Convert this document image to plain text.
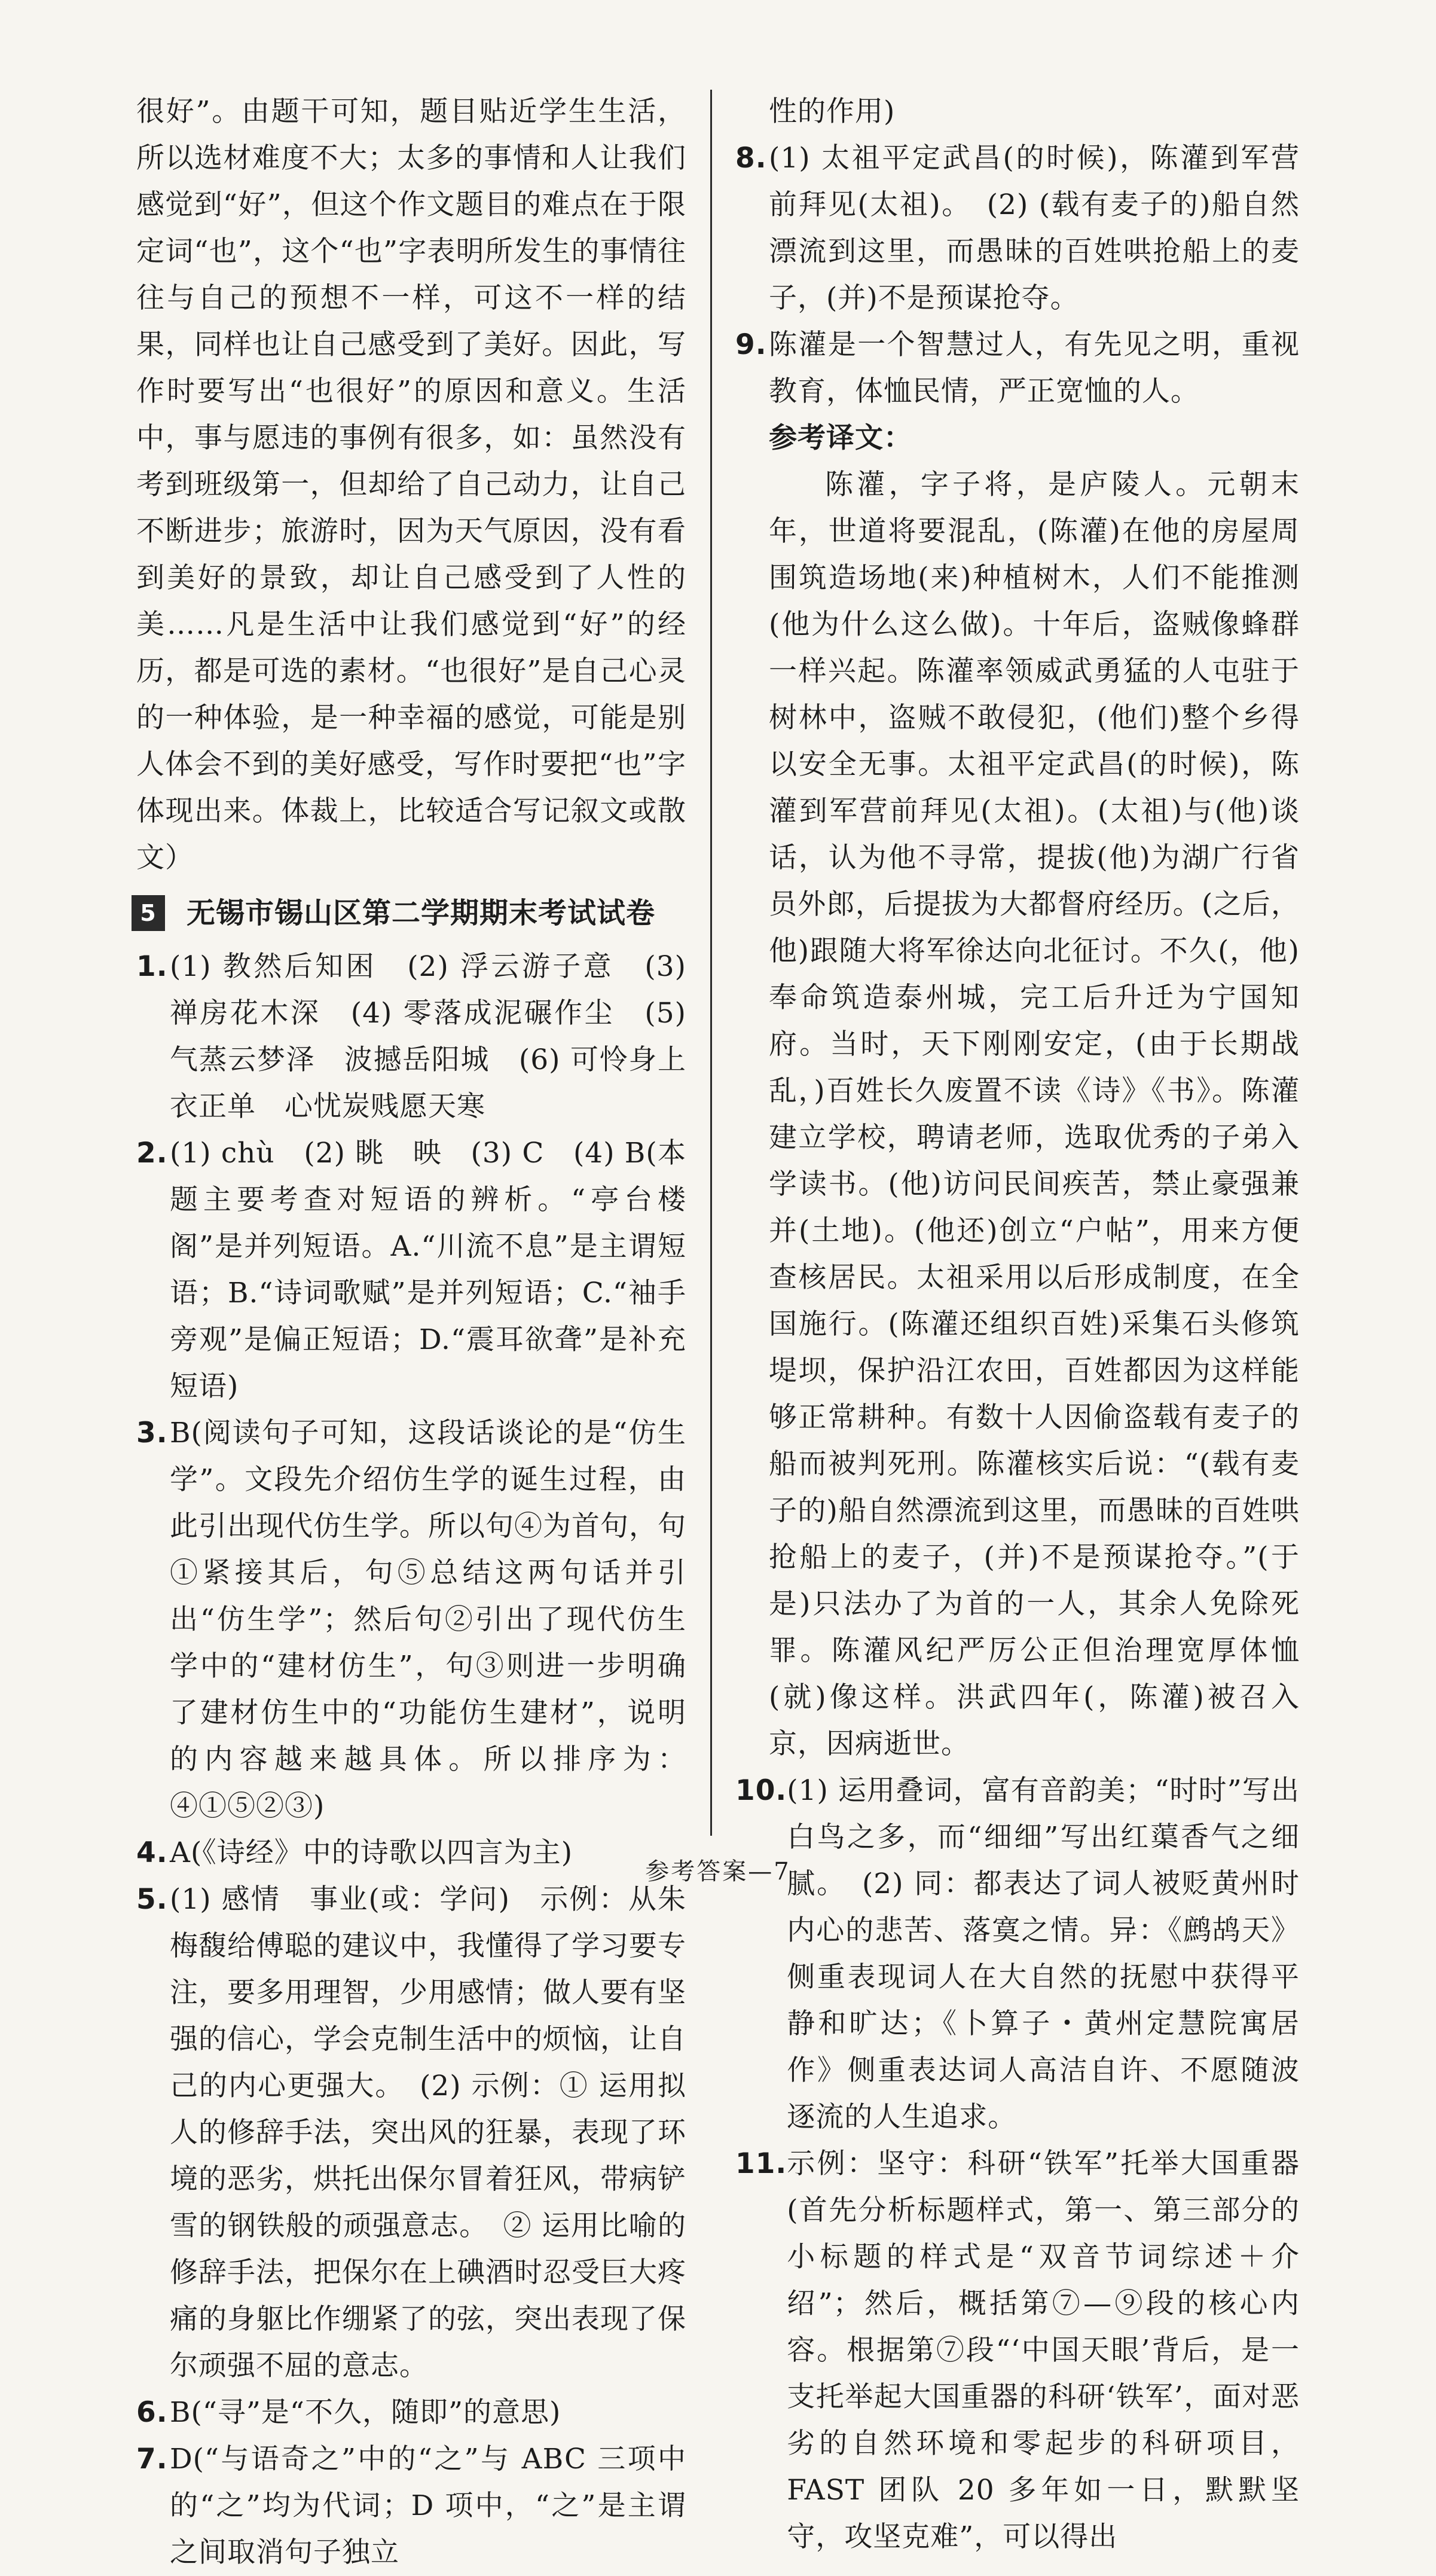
很好”。由题干可知，题目贴近学生生活，所以选材难度不大；太多的事情和人让我们感觉到“好”，但这个作文题目的难点在于限定词“也”，这个“也”字表明所发生的事情往往与自己的预想不一样，可这不一样的结果，同样也让自己感受到了美好。因此，写作时要写出“也很好”的原因和意义。生活中，事与愿违的事例有很多，如：虽然没有考到班级第一，但却给了自己动力，让自己不断进步；旅游时，因为天气原因，没有看到美好的景致，却让自己感受到了人性的美……凡是生活中让我们感觉到“好”的经历，都是可选的素材。“也很好”是自己心灵的一种体验，是一种幸福的感觉，可能是别人体会不到的美好感受，写作时要把“也”字体现出来。体裁上，比较适合写记叙文或散文）

5 无锡市锡山区第二学期期末考试试卷
1. (1) 教然后知困　(2) 浮云游子意　(3) 禅房花木深　(4) 零落成泥碾作尘　(5) 气蒸云梦泽　波撼岳阳城　(6) 可怜身上衣正单　心忧炭贱愿天寒
2. (1) chù　(2) 眺　映　(3) C　(4) B(本题主要考查对短语的辨析。“亭台楼阁”是并列短语。A.“川流不息”是主谓短语；B.“诗词歌赋”是并列短语；C.“袖手旁观”是偏正短语；D.“震耳欲聋”是补充短语)
3. B(阅读句子可知，这段话谈论的是“仿生学”。文段先介绍仿生学的诞生过程，由此引出现代仿生学。所以句④为首句，句①紧接其后，句⑤总结这两句话并引出“仿生学”；然后句②引出了现代仿生学中的“建材仿生”，句③则进一步明确了建材仿生中的“功能仿生建材”，说明的内容越来越具体。所以排序为：④①⑤②③)
4. A(《诗经》中的诗歌以四言为主)
5. (1) 感情　事业(或：学问)　示例：从朱梅馥给傅聪的建议中，我懂得了学习要专注，要多用理智，少用感情；做人要有坚强的信心，学会克制生活中的烦恼，让自己的内心更强大。　(2) 示例：① 运用拟人的修辞手法，突出风的狂暴，表现了环境的恶劣，烘托出保尔冒着狂风，带病铲雪的钢铁般的顽强意志。　② 运用比喻的修辞手法，把保尔在上碘酒时忍受巨大疼痛的身躯比作绷紧了的弦，突出表现了保尔顽强不屈的意志。
6. B(“寻”是“不久，随即”的意思)
7. D(“与语奇之”中的“之”与 ABC 三项中的“之”均为代词；D 项中，“之”是主谓之间取消句子独立

性的作用)

8. (1) 太祖平定武昌(的时候)，陈灌到军营前拜见(太祖)。　(2) (载有麦子的)船自然漂流到这里，而愚昧的百姓哄抢船上的麦子，(并)不是预谋抢夺。
9. 陈灌是一个智慧过人，有先见之明，重视教育，体恤民情，严正宽恤的人。

参考译文：

陈灌，字子将，是庐陵人。元朝末年，世道将要混乱，(陈灌)在他的房屋周围筑造场地(来)种植树木，人们不能推测(他为什么这么做)。十年后，盗贼像蜂群一样兴起。陈灌率领威武勇猛的人屯驻于树林中，盗贼不敢侵犯，(他们)整个乡得以安全无事。太祖平定武昌(的时候)，陈灌到军营前拜见(太祖)。(太祖)与(他)谈话，认为他不寻常，提拔(他)为湖广行省员外郎，后提拔为大都督府经历。(之后，他)跟随大将军徐达向北征讨。不久(，他)奉命筑造泰州城，完工后升迁为宁国知府。当时，天下刚刚安定，(由于长期战乱，)百姓长久废置不读《诗》《书》。陈灌建立学校，聘请老师，选取优秀的子弟入学读书。(他)访问民间疾苦，禁止豪强兼并(土地)。(他还)创立“户帖”，用来方便查核居民。太祖采用以后形成制度，在全国施行。(陈灌还组织百姓)采集石头修筑堤坝，保护沿江农田，百姓都因为这样能够正常耕种。有数十人因偷盗载有麦子的船而被判死刑。陈灌核实后说：“(载有麦子的)船自然漂流到这里，而愚昧的百姓哄抢船上的麦子，(并)不是预谋抢夺。”(于是)只法办了为首的一人，其余人免除死罪。陈灌风纪严厉公正但治理宽厚体恤(就)像这样。洪武四年(，陈灌)被召入京，因病逝世。

10. (1) 运用叠词，富有音韵美；“时时”写出白鸟之多，而“细细”写出红蕖香气之细腻。　(2) 同：都表达了词人被贬黄州时内心的悲苦、落寞之情。异：《鹧鸪天》侧重表现词人在大自然的抚慰中获得平静和旷达；《卜算子・黄州定慧院寓居作》侧重表达词人高洁自许、不愿随波逐流的人生追求。
11. 示例：坚守：科研“铁军”托举大国重器(首先分析标题样式，第一、第三部分的小标题的样式是“双音节词综述＋介绍”；然后，概括第⑦—⑨段的核心内容。根据第⑦段“‘中国天眼’背后，是一支托举起大国重器的科研‘铁军’，面对恶劣的自然环境和零起步的科研项目，FAST 团队 20 多年如一日，默默坚守，攻坚克难”，可以得出
参考答案—7
